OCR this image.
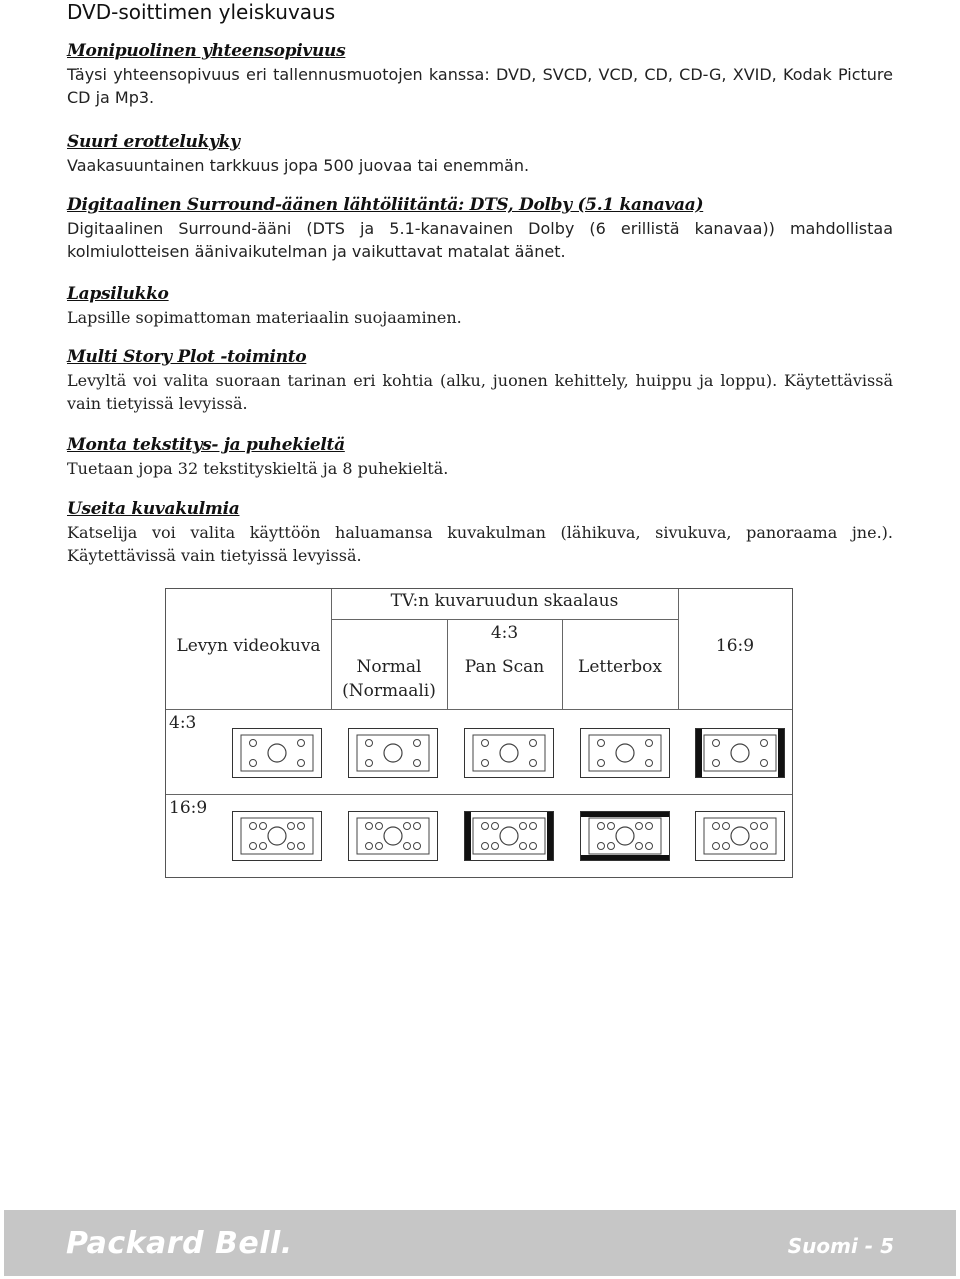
DVD-soittimen yleiskuvaus
Monipuolinen yhteensopivuus
Täysi yhteensopivuus eri tallennusmuotojen kanssa: DVD, SVCD, VCD, CD, CD-G, XVID, Kodak Picture CD ja Mp3.
Suuri erottelukyky
Vaakasuuntainen tarkkuus jopa 500 juovaa tai enemmän.
Digitaalinen Surround-äänen lähtöliitäntä: DTS, Dolby (5.1 kanavaa)
Digitaalinen Surround-ääni (DTS ja 5.1-kanavainen Dolby (6 erillistä kanavaa)) mahdollistaa kolmiulotteisen äänivaikutelman ja vaikuttavat matalat äänet.
Lapsilukko
Lapsille sopimattoman materiaalin suojaaminen.
Multi Story Plot -toiminto
Levyltä voi valita suoraan tarinan eri kohtia (alku, juonen kehittely, huippu ja loppu). Käytettävissä vain tietyissä levyissä.
Monta tekstitys- ja puhekieltä
Tuetaan jopa 32 tekstityskieltä ja 8 puhekieltä.
Useita kuvakulmia
Katselija voi valita käyttöön haluamansa kuvakulman (lähikuva, sivukuva, panoraama jne.). Käytettävissä vain tietyissä levyissä.
Levyn videokuva
TV:n kuvaruudun skaalaus
4:3
16:9
Normal
(Normaali)
Pan Scan	Letterbox
4:3
16:9
Packard Bell.	Suomi - 5
